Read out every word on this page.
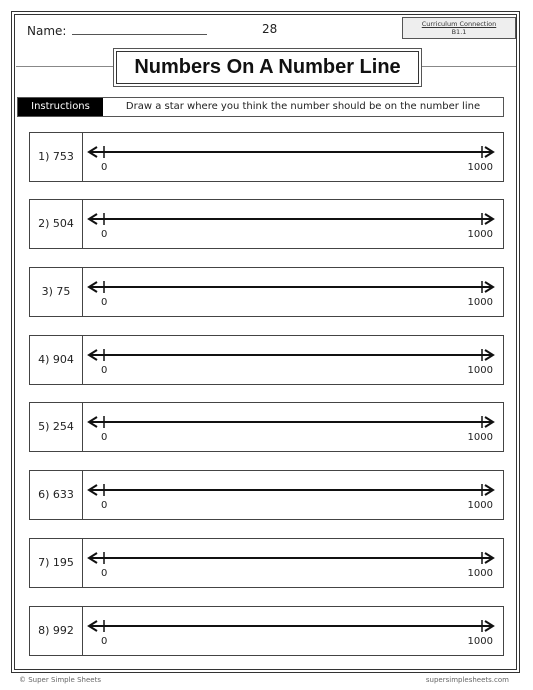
Name:	28	Curriculum Connection
B1.1
Numbers On A Number Line
Instructions	Draw a star where you think the number should be on the number line
1) 753
0	1000
2) 504
0	1000
3) 75
0	1000
4) 904
0	1000
5) 254
0	1000
6) 633
0	1000
7) 195
0	1000
8) 992
0	1000
© Super Simple Sheets	supersimplesheets.com
